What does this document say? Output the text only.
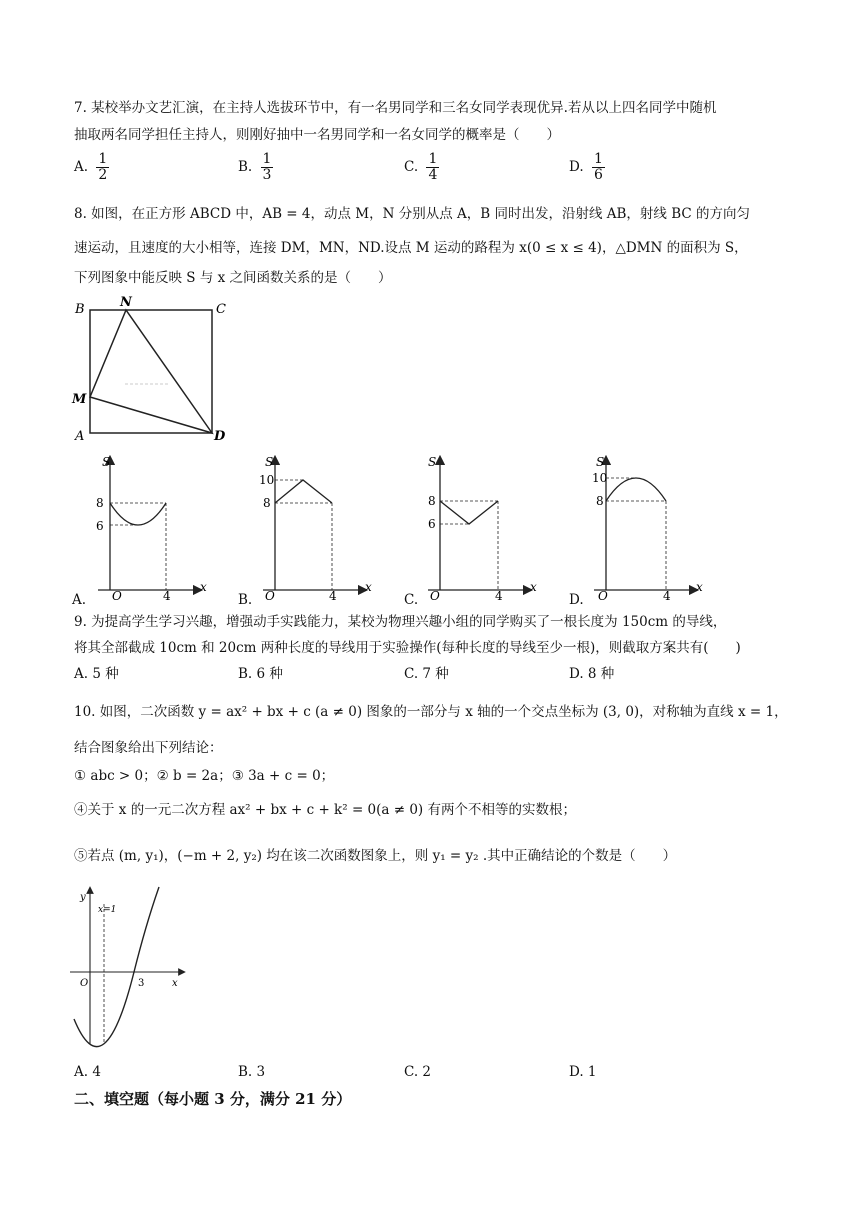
7. 某校举办文艺汇演，在主持人选拔环节中，有一名男同学和三名女同学表现优异.若从以上四名同学中随机
抽取两名同学担任主持人，则刚好抽中一名男同学和一名女同学的概率是（　　）
A. $\frac{1}{2}$	B. $\frac{1}{3}$	C. $\frac{1}{4}$	D. $\frac{1}{6}$
8. 如图，在正方形 ABCD 中，AB = 4，动点 M，N 分别从点 A，B 同时出发，沿射线 AB，射线 BC 的方向匀
速运动，且速度的大小相等，连接 DM，MN，ND.设点 M 运动的路程为 x(0 ≤ x ≤ 4)，△DMN 的面积为 S，
下列图象中能反映 S 与 x 之间函数关系的是（　　）
B	N	C
M
A	D
S
x
O
8
6
4
A.
S
x
O
10
8
4
B.
S
x
O
8
6
4
C.
S
x
O
10
8
4
D.
9. 为提高学生学习兴趣，增强动手实践能力，某校为物理兴趣小组的同学购买了一根长度为 150cm 的导线，
将其全部截成 10cm 和 20cm 两种长度的导线用于实验操作(每种长度的导线至少一根)，则截取方案共有(　　)
A. 5 种	B. 6 种	C. 7 种	D. 8 种
10. 如图，二次函数 y = ax² + bx + c (a ≠ 0) 图象的一部分与 x 轴的一个交点坐标为 (3, 0)，对称轴为直线 x = 1，
结合图象给出下列结论：
① abc > 0；② b = 2a；③ 3a + c = 0；
④关于 x 的一元二次方程 ax² + bx + c + k² = 0(a ≠ 0) 有两个不相等的实数根；
⑤若点 (m, y₁)，(−m + 2, y₂) 均在该二次函数图象上，则 y₁ = y₂ .其中正确结论的个数是（　　）
y
x
O
x=1
3
A. 4	B. 3	C. 2	D. 1
二、填空题（每小题 3 分，满分 21 分）
